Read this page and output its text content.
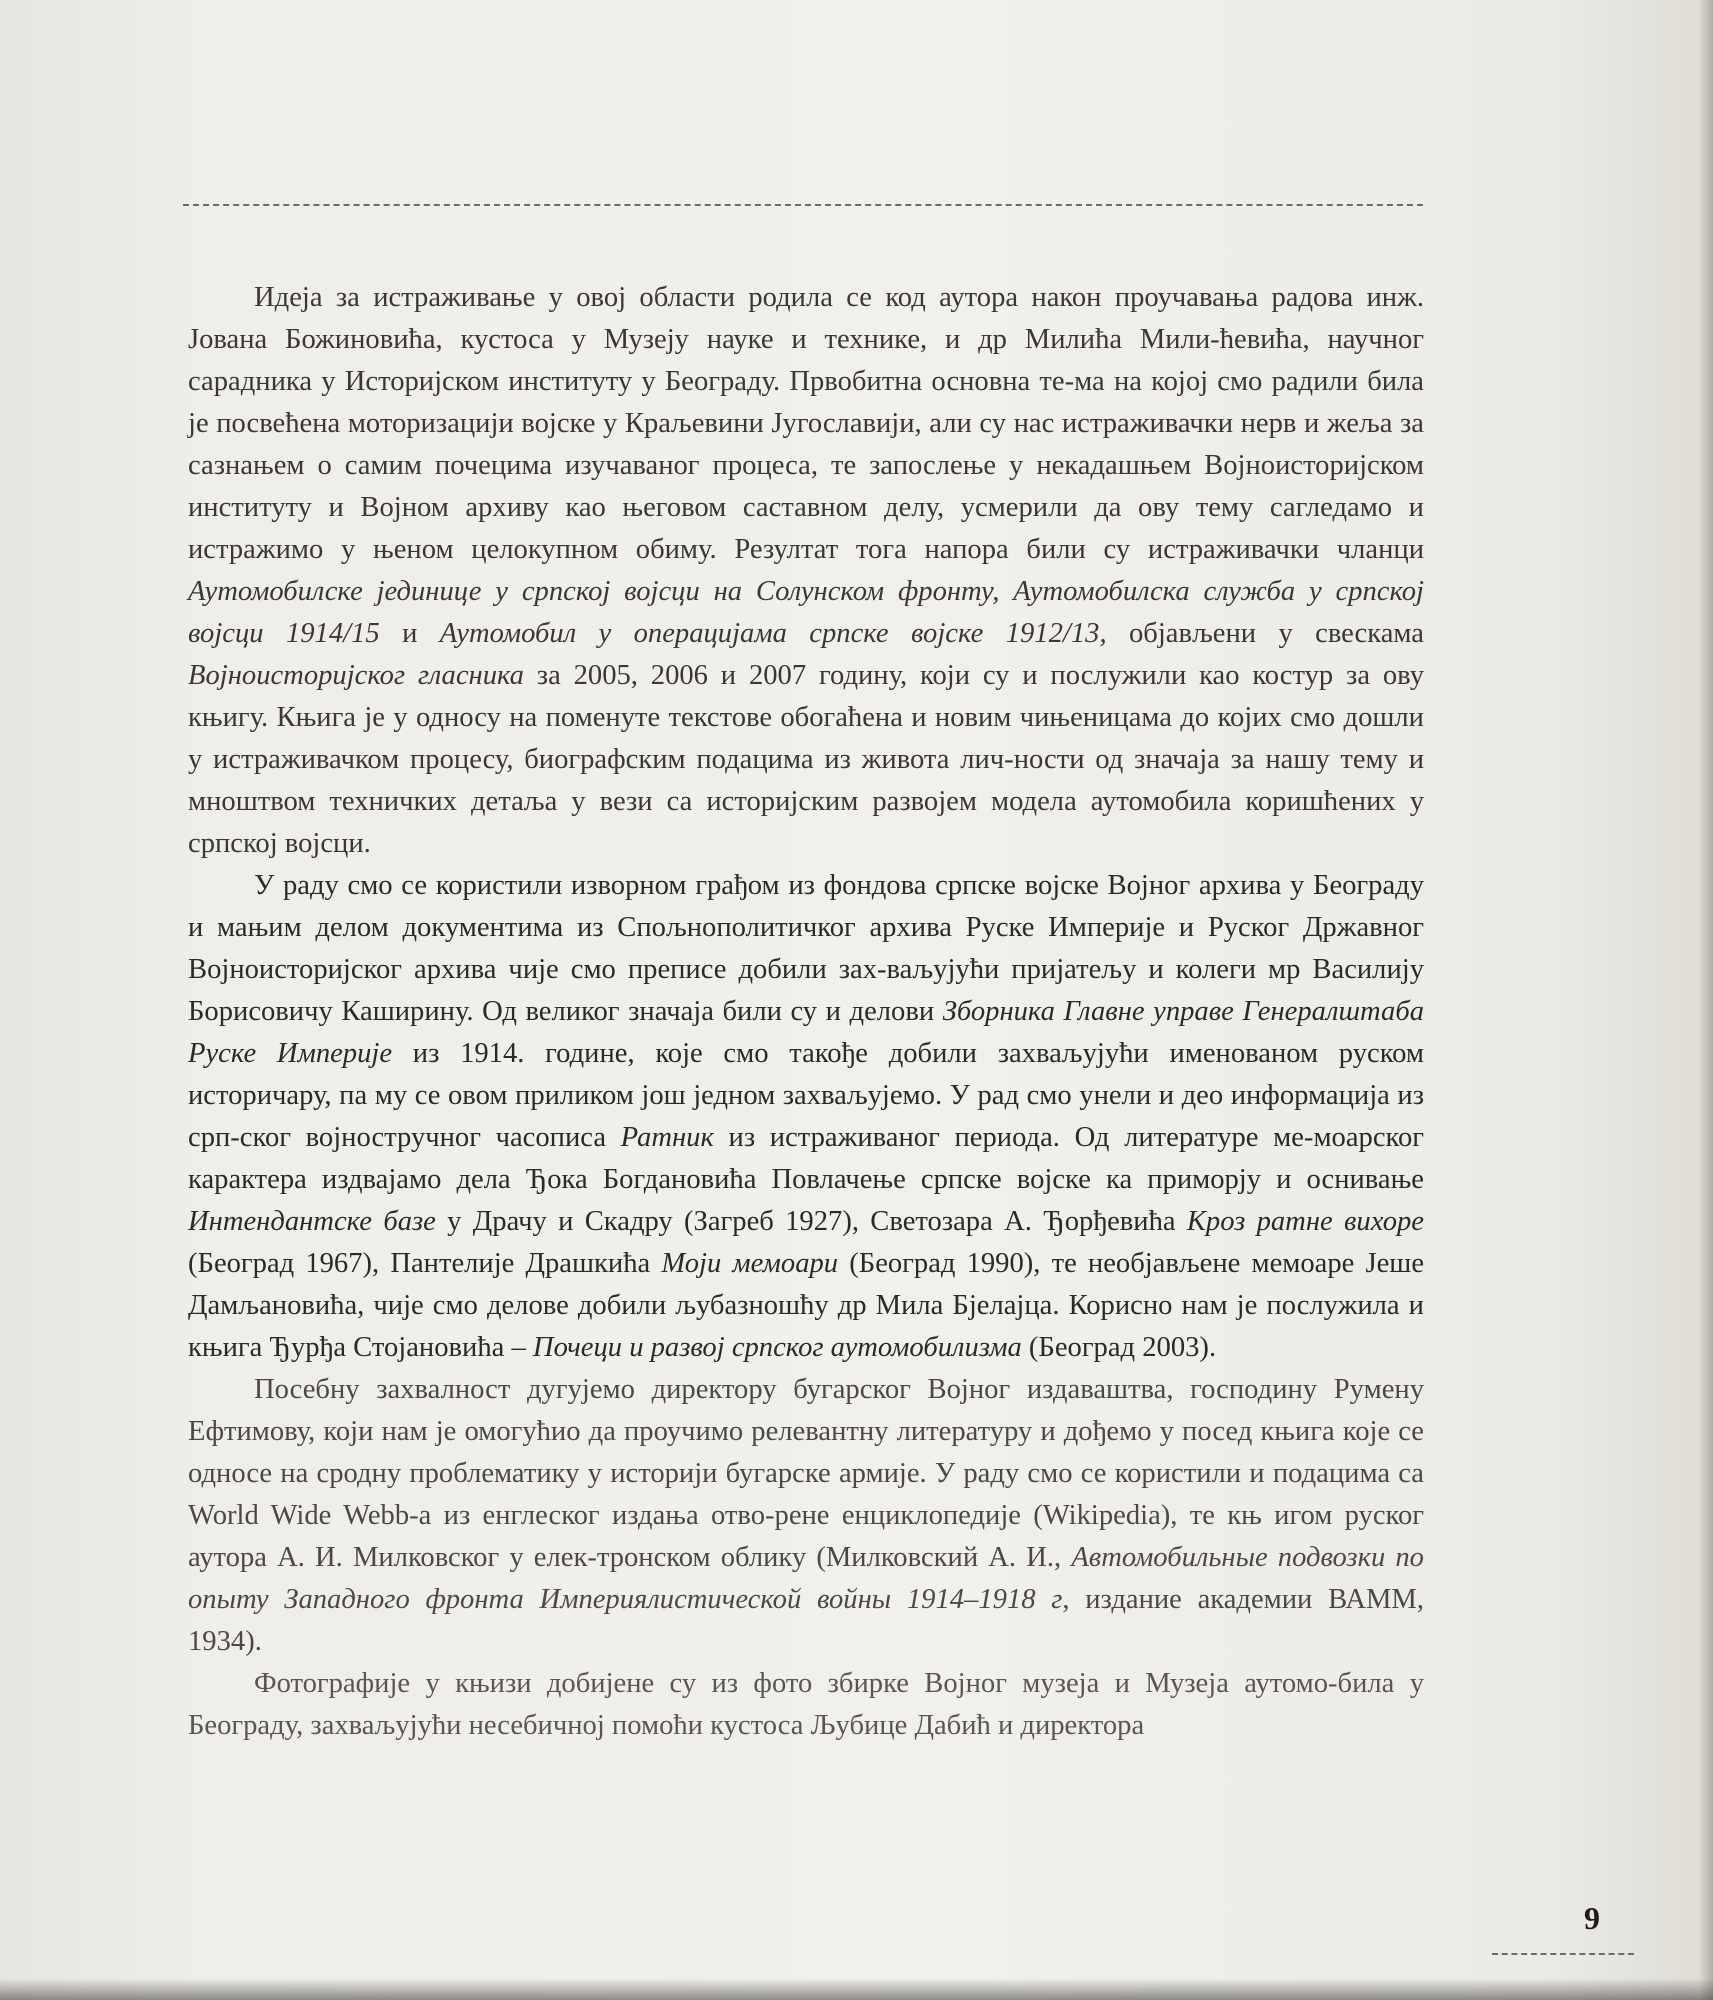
Идеја за истраживање у овој области родила се код аутора након проучавања радова инж. Јована Божиновића, кустоса у Музеју науке и технике, и др Милића Мили-ћевића, научног сарадника у Историјском институту у Београду. Првобитна основна те-ма на којој смо радили била је посвећена моторизацији војске у Краљевини Југославији, али су нас истраживачки нерв и жеља за сазнањем о самим почецима изучаваног процеса, те запослење у некадашњем Војноисторијском институту и Војном архиву као његовом саставном делу, усмерили да ову тему сагледамо и истражимо у њеном целокупном обиму. Резултат тога напора били су истраживачки чланци Аутомобилске јединице у српској војсци на Солунском фронту, Аутомобилска служба у српској војсци 1914/15 и Аутомобил у операцијама српске војске 1912/13, објављени у свескама Војноисторијског гласника за 2005, 2006 и 2007 годину, који су и послужили као костур за ову књигу. Књига је у односу на поменуте текстове обогаћена и новим чињеницама до којих смо дошли у истраживачком процесу, биографским подацима из живота лич-ности од значаја за нашу тему и мноштвом техничких детаља у вези са историјским развојем модела аутомобила коришћених у српској војсци.

У раду смо се користили изворном грађом из фондова српске војске Војног архива у Београду и мањим делом документима из Спољнополитичког архива Руске Империје и Руског Државног Војноисторијског архива чије смо преписе добили зах-ваљујући пријатељу и колеги мр Василију Борисовичу Каширину. Од великог значаја били су и делови Зборника Главне управе Генералштаба Руске Империје из 1914. године, које смо такође добили захваљујући именованом руском историчару, па му се овом приликом још једном захваљујемо. У рад смо унели и део информација из срп-ског војностручног часописа Ратник из истраживаног периода. Од литературе ме-моарског карактера издвајамо дела Ђока Богдановића Повлачење српске војске ка приморју и оснивање Интендантске базе у Драчу и Скадру (Загреб 1927), Светозара А. Ђорђевића Кроз ратне вихоре (Београд 1967), Пантелије Драшкића Моји мемоари (Београд 1990), те необјављене мемоаре Јеше Дамљановића, чије смо делове добили љубазношћу др Мила Бјелајца. Корисно нам је послужила и књига Ђурђа Стојановића – Почеци и развој српског аутомобилизма (Београд 2003).

Посебну захвалност дугујемо директору бугарског Војног издаваштва, господину Румену Ефтимову, који нам је омогућио да проучимо релевантну литературу и дођемо у посед књига које се односе на сродну проблематику у историји бугарске армије. У раду смо се користили и подацима са World Wide Webb-а из енглеског издања отво-рене енциклопедије (Wikipedia), те књ игом руског аутора А. И. Милковског у елек-тронском облику (Милковский А. И., Автомобильные подвозки по опыту Западного фронта Империялистической войны 1914–1918 г, издание академии ВАММ, 1934).

Фотографије у књизи добијене су из фото збирке Војног музеја и Музеја аутомо-била у Београду, захваљујући несебичној помоћи кустоса Љубице Дабић и директора

9
